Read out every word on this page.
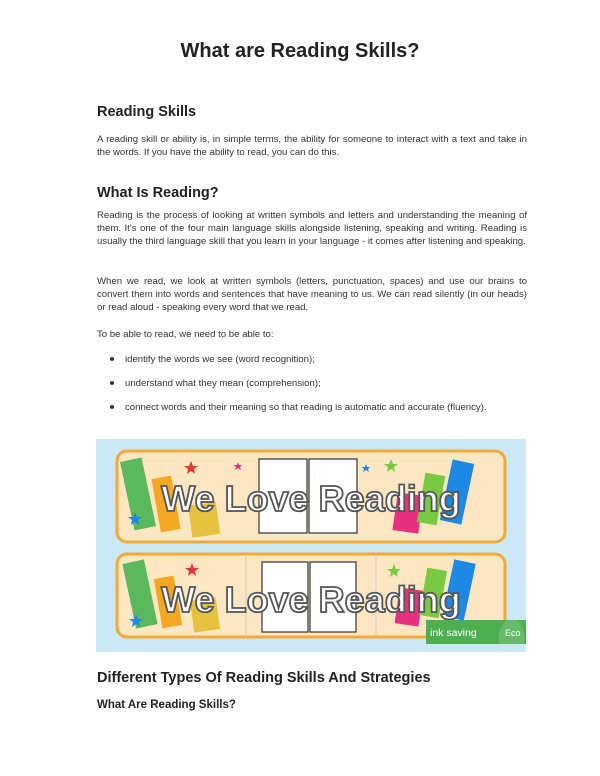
What are Reading Skills?
Reading Skills

A reading skill or ability is, in simple terms, the ability for someone to interact with a text and take in the words. If you have the ability to read, you can do this.

What Is Reading?

Reading is the process of looking at written symbols and letters and understanding the meaning of them. It's one of the four main language skills alongside listening, speaking and writing. Reading is usually the third language skill that you learn in your language - it comes after listening and speaking.

When we read, we look at written symbols (letters, punctuation, spaces) and use our brains to convert them into words and sentences that have meaning to us. We can read silently (in our heads) or read aloud - speaking every word that we read.

To be able to read, we need to be able to:

identify the words we see (word recognition);
understand what they mean (comprehension);
connect words and their meaning so that reading is automatic and accurate (fluency).
We Love Reading
We Love Reading
ink saving	Eco
Different Types Of Reading Skills And Strategies
What Are Reading Skills?
